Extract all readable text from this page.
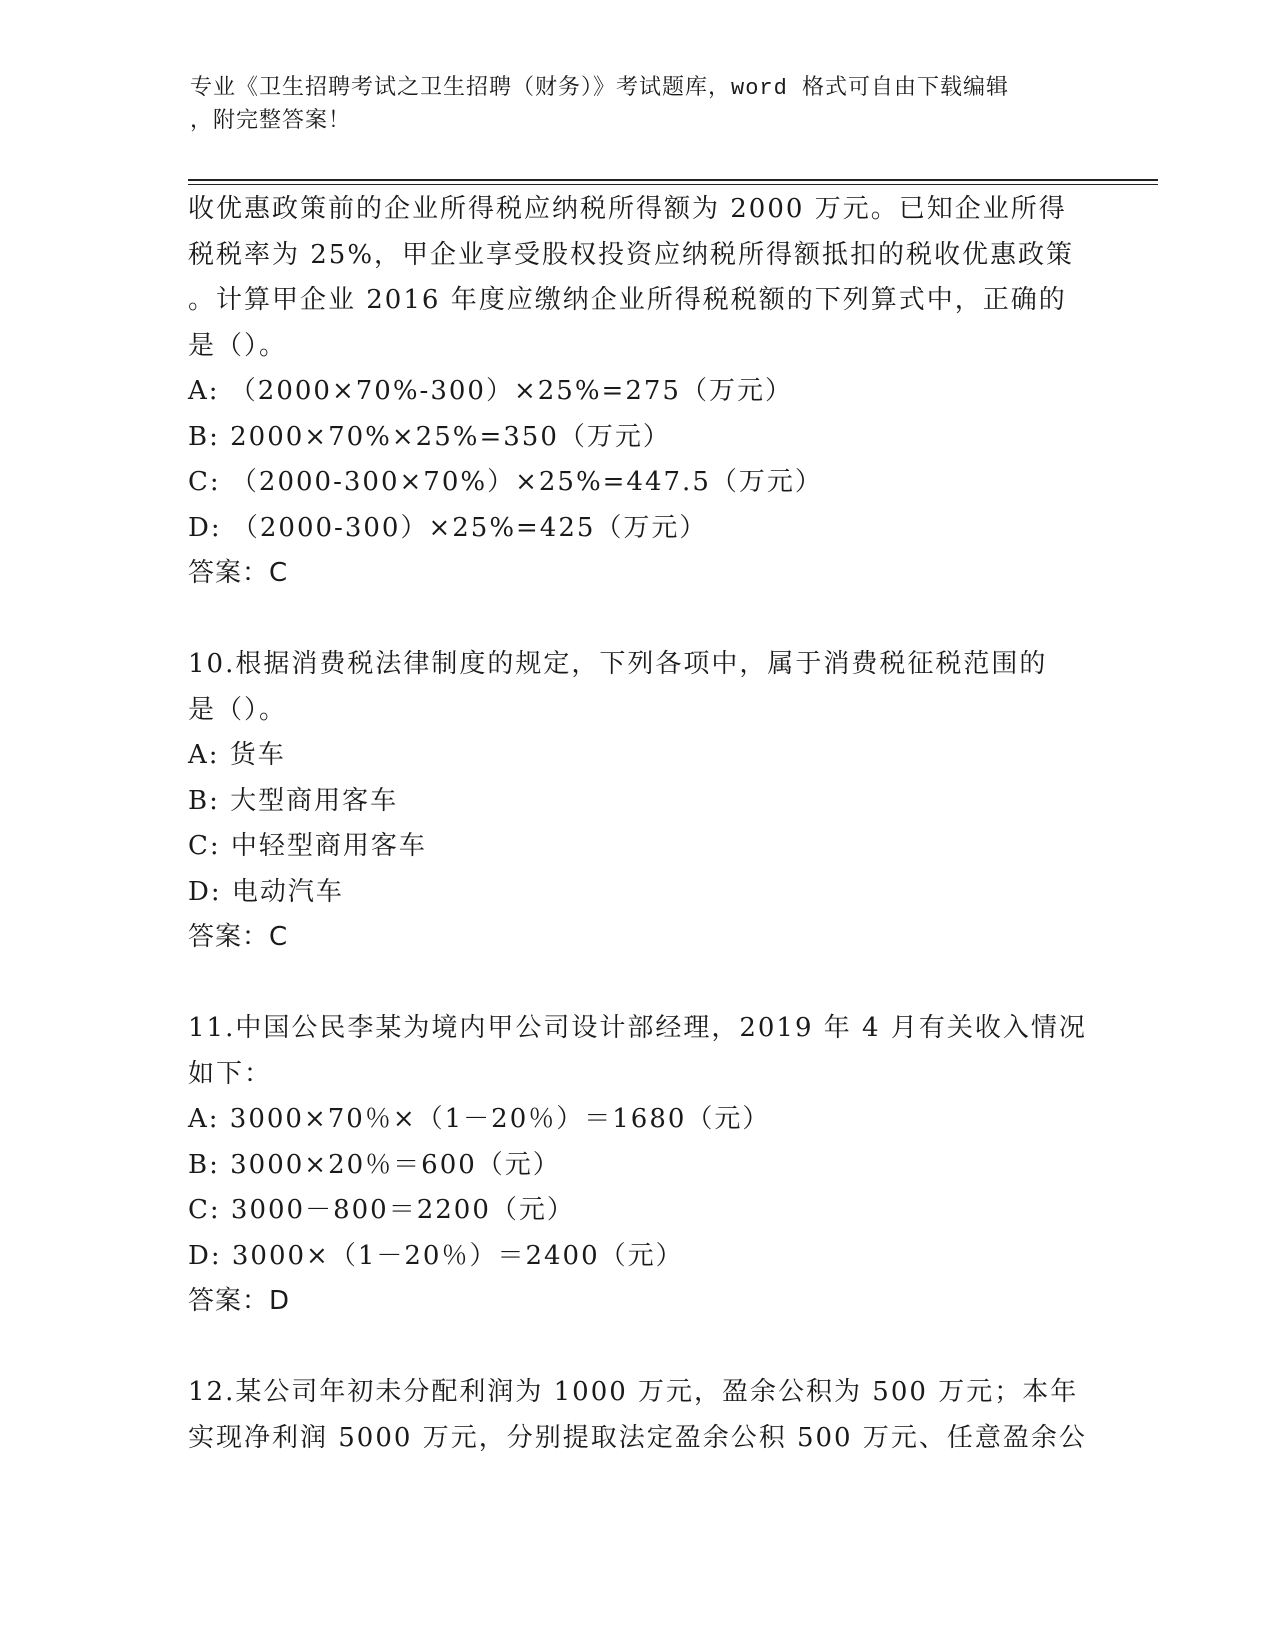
专业《卫生招聘考试之卫生招聘（财务）》考试题库，word 格式可自由下载编辑
，附完整答案！
收优惠政策前的企业所得税应纳税所得额为 2000 万元。已知企业所得
税税率为 25%，甲企业享受股权投资应纳税所得额抵扣的税收优惠政策
。计算甲企业 2016 年度应缴纳企业所得税税额的下列算式中，正确的
是（）。
A: （2000×70%-300）×25%=275（万元）
B: 2000×70%×25%=350（万元）
C: （2000-300×70%）×25%=447.5（万元）
D: （2000-300）×25%=425（万元）
答案：C
10.根据消费税法律制度的规定，下列各项中，属于消费税征税范围的
是（）。
A: 货车
B: 大型商用客车
C: 中轻型商用客车
D: 电动汽车
答案：C
11.中国公民李某为境内甲公司设计部经理，2019 年 4 月有关收入情况
如下：
A: 3000×70％×（1－20％）＝1680（元）
B: 3000×20％＝600（元）
C: 3000－800＝2200（元）
D: 3000×（1－20％）＝2400（元）
答案：D
12.某公司年初未分配利润为 1000 万元，盈余公积为 500 万元；本年
实现净利润 5000 万元，分别提取法定盈余公积 500 万元、任意盈余公
